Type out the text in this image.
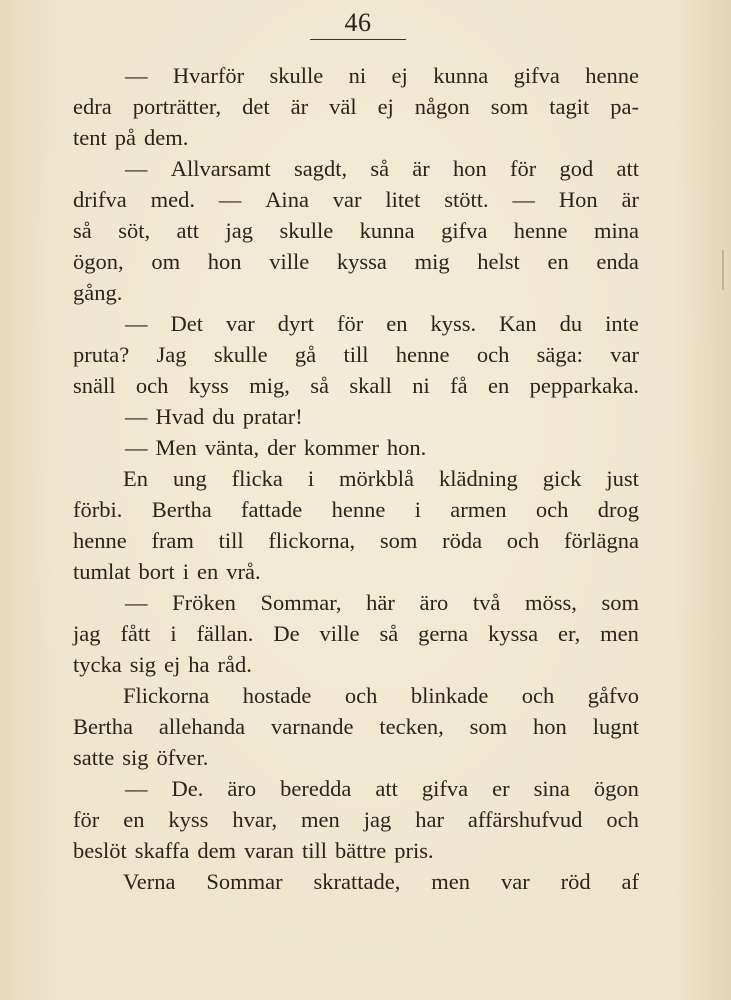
46
— Hvarför skulle ni ej kunna gifva henne
edra porträtter, det är väl ej någon som tagit pa-
tent på dem.
— Allvarsamt sagdt, så är hon för god att
drifva med. — Aina var litet stött. — Hon är
så söt, att jag skulle kunna gifva henne mina
ögon, om hon ville kyssa mig helst en enda
gång.
— Det var dyrt för en kyss. Kan du inte
pruta? Jag skulle gå till henne och säga: var
snäll och kyss mig, så skall ni få en pepparkaka.
— Hvad du pratar!
— Men vänta, der kommer hon.
En ung flicka i mörkblå klädning gick just
förbi. Bertha fattade henne i armen och drog
henne fram till flickorna, som röda och förlägna
tumlat bort i en vrå.
— Fröken Sommar, här äro två möss, som
jag fått i fällan. De ville så gerna kyssa er, men
tycka sig ej ha råd.
Flickorna hostade och blinkade och gåfvo
Bertha allehanda varnande tecken, som hon lugnt
satte sig öfver.
— De. äro beredda att gifva er sina ögon
för en kyss hvar, men jag har affärshufvud och
beslöt skaffa dem varan till bättre pris.
Verna Sommar skrattade, men var röd af
